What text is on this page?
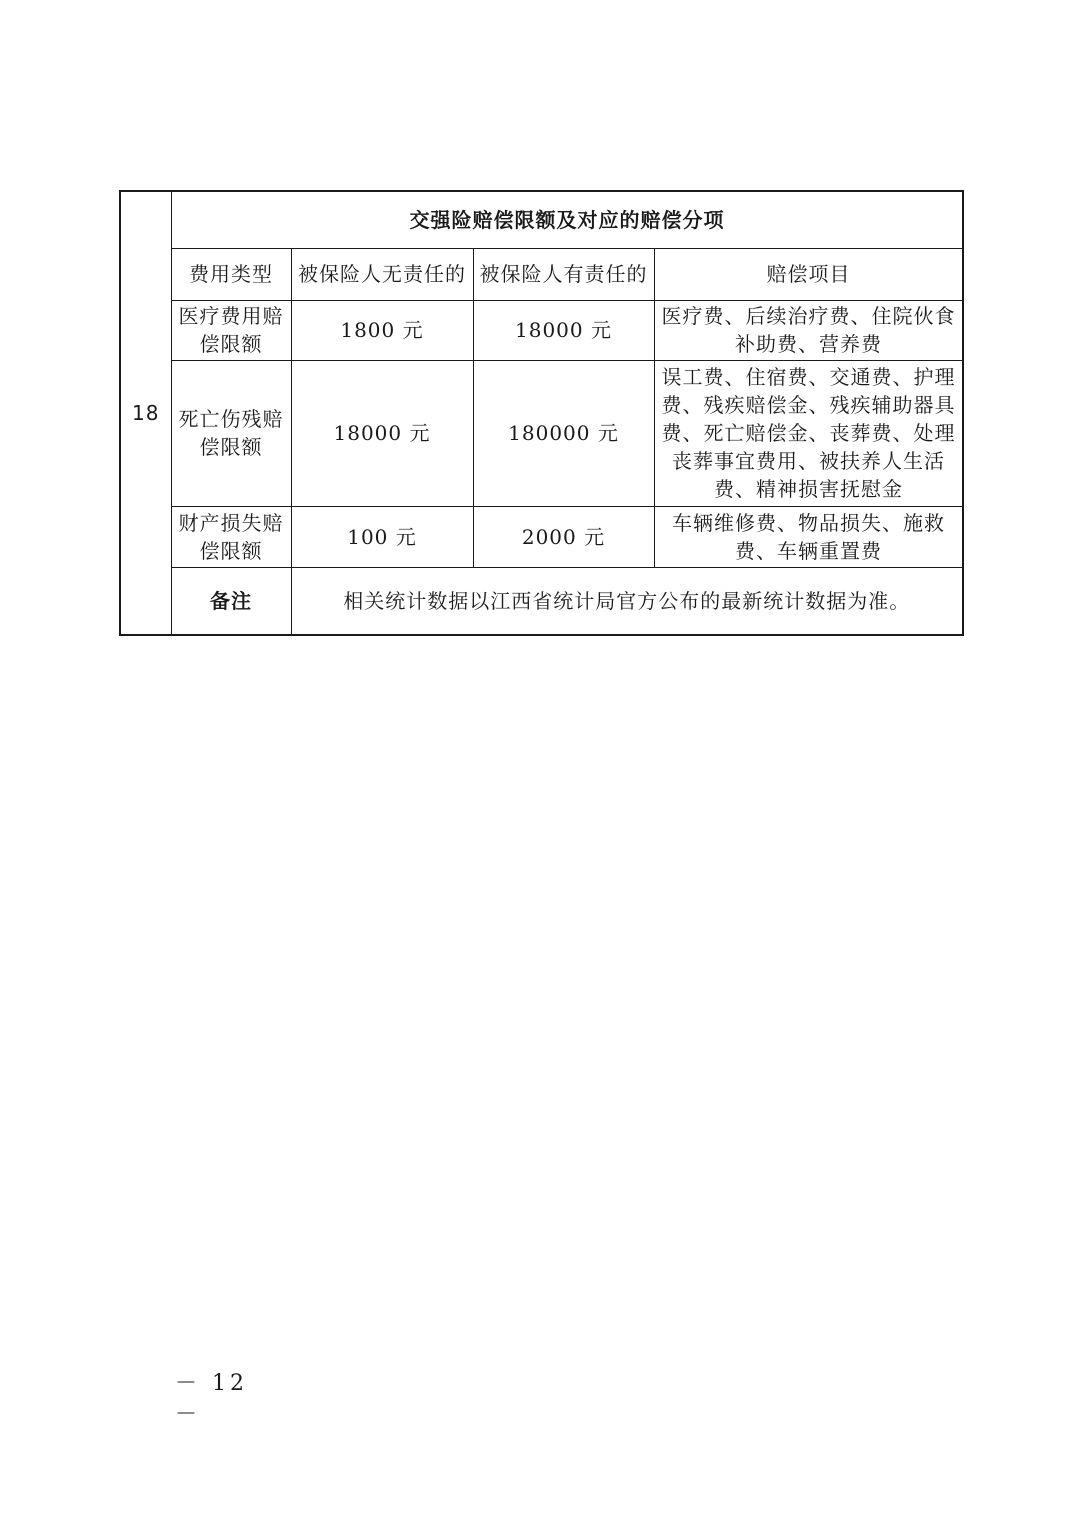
18	交强险赔偿限额及对应的赔偿分项			
	费用类型	被保险人无责任的	被保险人有责任的	赔偿项目
	医疗费用赔偿限额	1800 元	18000 元	医疗费、后续治疗费、住院伙食补助费、营养费
	死亡伤残赔偿限额	18000 元	180000 元	误工费、住宿费、交通费、护理费、残疾赔偿金、残疾辅助器具费、死亡赔偿金、丧葬费、处理丧葬事宜费用、被扶养人生活费、精神损害抚慰金
	财产损失赔偿限额	100 元	2000 元	车辆维修费、物品损失、施救费、车辆重置费
	备注	相关统计数据以江西省统计局官方公布的最新统计数据为准。		
－ 12 －
